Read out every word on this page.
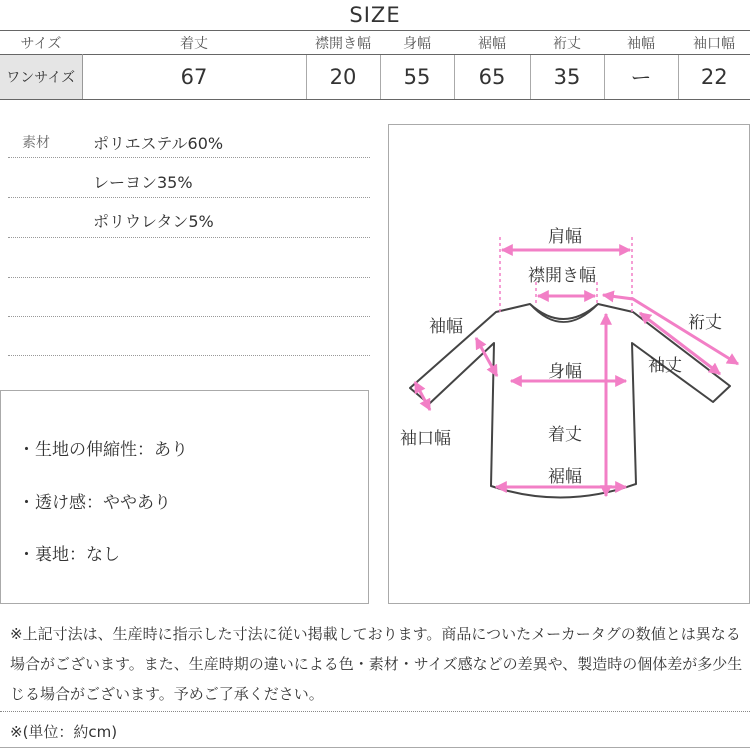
SIZE
サイズ	着丈	襟開き幅	身幅	裾幅	裄丈	袖幅	袖口幅
ワンサイズ	67	20	55	65	35	ー	22
素材	ポリエステル60%
レーヨン35%
ポリウレタン5%
・生地の伸縮性：あり
・透け感：ややあり
・裏地：なし
肩幅
襟開き幅
裄丈
袖幅
袖丈
身幅
袖口幅	着丈
裾幅
※上記寸法は、生産時に指示した寸法に従い掲載しております。商品についたメーカータグの数値とは異なる場合がございます。また、生産時期の違いによる色・素材・サイズ感などの差異や、製造時の個体差が多少生じる場合がございます。予めご了承ください。
※(単位：約cm)
